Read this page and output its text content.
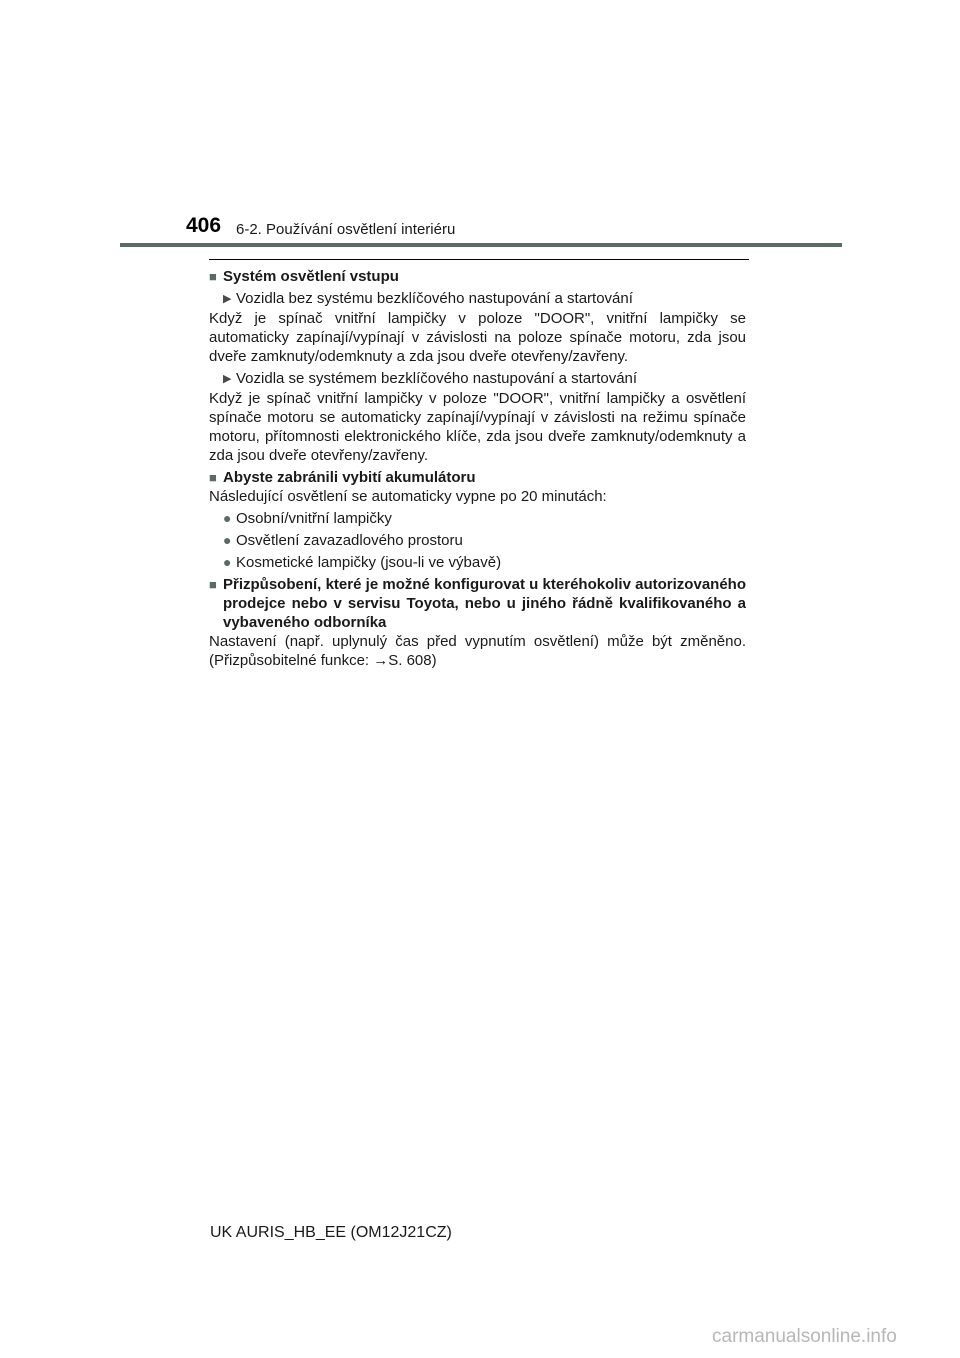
406 6-2. Používání osvětlení interiéru
■ Systém osvětlení vstupu
▶ Vozidla bez systému bezklíčového nastupování a startování

Když je spínač vnitřní lampičky v poloze "DOOR", vnitřní lampičky se automaticky zapínají/vypínají v závislosti na poloze spínače motoru, zda jsou dveře zamknuty/odemknuty a zda jsou dveře otevřeny/zavřeny.

▶ Vozidla se systémem bezklíčového nastupování a startování

Když je spínač vnitřní lampičky v poloze "DOOR", vnitřní lampičky a osvětlení spínače motoru se automaticky zapínají/vypínají v závislosti na režimu spínače motoru, přítomnosti elektronického klíče, zda jsou dveře zamknuty/odemknuty a zda jsou dveře otevřeny/zavřeny.

■ Abyste zabránili vybití akumulátoru

Následující osvětlení se automaticky vypne po 20 minutách:

● Osobní/vnitřní lampičky
● Osvětlení zavazadlového prostoru
● Kosmetické lampičky (jsou-li ve výbavě)
■ Přizpůsobení, které je možné konfigurovat u kteréhokoliv autorizovaného prodejce nebo v servisu Toyota, nebo u jiného řádně kvalifikovaného a vybaveného odborníka

Nastavení (např. uplynulý čas před vypnutím osvětlení) může být změněno. (Přizpůsobitelné funkce: →S. 608)

UK AURIS_HB_EE (OM12J21CZ)
carmanualsonline.info
